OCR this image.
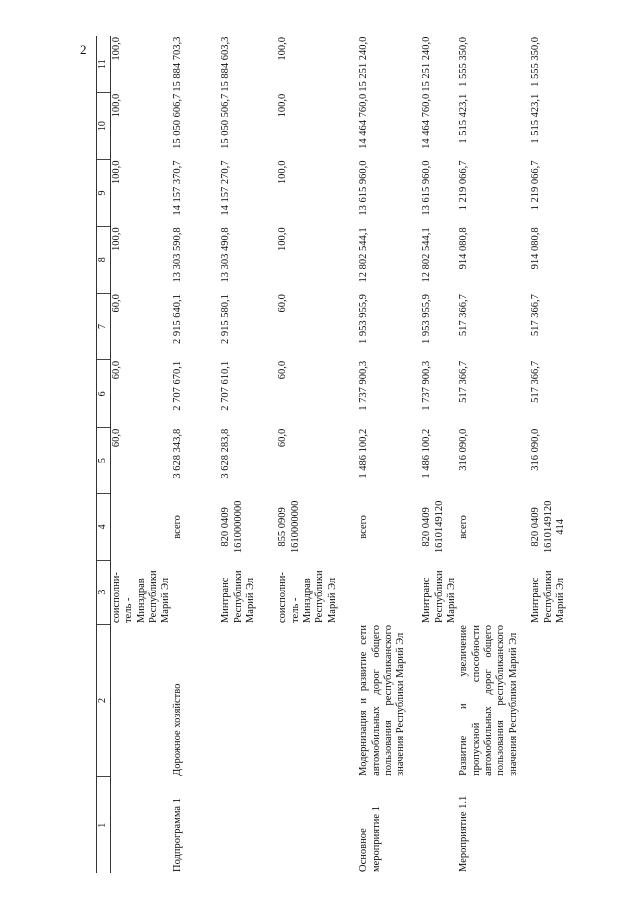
2
1	2	3	4	5	6	7	8	9	10	11
		соисполни-тель - Минздрав Республики Марий Эл		60,0	60,0	60,0	100,0	100,0	100,0	100,0
Подпрограмма 1	Дорожное хозяйство		всего	3 628 343,8	2 707 670,1	2 915 640,1	13 303 590,8	14 157 370,7	15 050 606,7	15 884 703,3
		Минтранс Республики Марий Эл	820 0409 1610000000	3 628 283,8	2 707 610,1	2 915 580,1	13 303 490,8	14 157 270,7	15 050 506,7	15 884 603,3
		соисполни-тель - Минздрав Республики Марий Эл	855 0909 1610000000	60,0	60,0	60,0	100,0	100,0	100,0	100,0
Основное мероприятие 1	Модернизация и развитие сети автомобильных дорог общего пользования республиканского значения Республики Марий Эл		всего	1 486 100,2	1 737 900,3	1 953 955,9	12 802 544,1	13 615 960,0	14 464 760,0	15 251 240,0
		Минтранс Республики Марий Эл	820 0409 1610149120	1 486 100,2	1 737 900,3	1 953 955,9	12 802 544,1	13 615 960,0	14 464 760,0	15 251 240,0
Мероприятие 1.1	Развитие и увеличение пропускной способности автомобильных дорог общего пользования республиканского значения Республики Марий Эл		всего	316 090,0	517 366,7	517 366,7	914 080,8	1 219 066,7	1 515 423,1	1 555 350,0
		Минтранс Республики Марий Эл	820 0409 1610149120 414	316 090,0	517 366,7	517 366,7	914 080,8	1 219 066,7	1 515 423,1	1 555 350,0
